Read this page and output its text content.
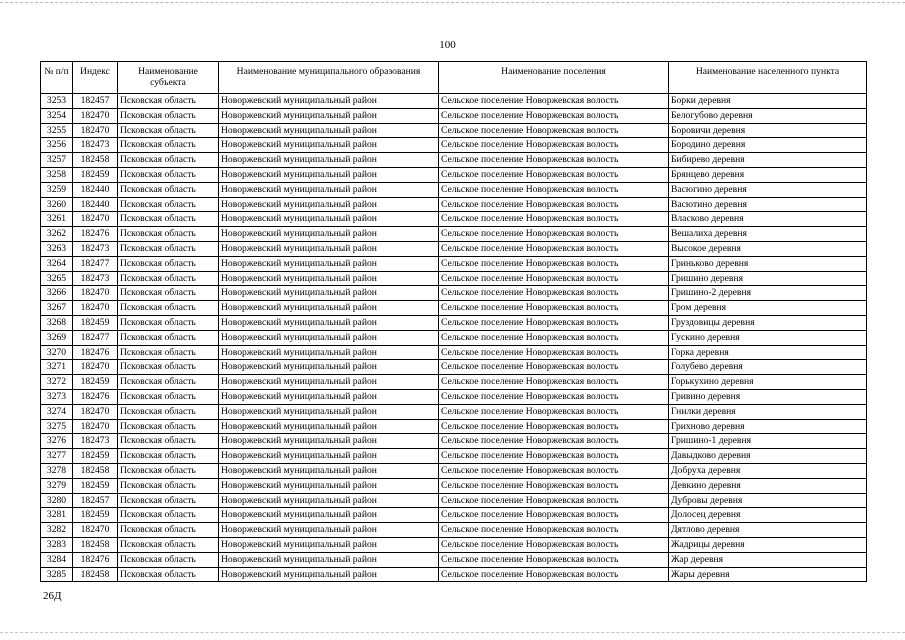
100
№ п/п	Индекс	Наименование субъекта	Наименование муниципального образования	Наименование поселения	Наименование населенного пункта
3253	182457	Псковская область	Новоржевский муниципальный район	Сельское поселение Новоржевская волость	Борки деревня
3254	182470	Псковская область	Новоржевский муниципальный район	Сельское поселение Новоржевская волость	Белогубово деревня
3255	182470	Псковская область	Новоржевский муниципальный район	Сельское поселение Новоржевская волость	Боровичи деревня
3256	182473	Псковская область	Новоржевский муниципальный район	Сельское поселение Новоржевская волость	Бородино деревня
3257	182458	Псковская область	Новоржевский муниципальный район	Сельское поселение Новоржевская волость	Бибирево деревня
3258	182459	Псковская область	Новоржевский муниципальный район	Сельское поселение Новоржевская волость	Брянцево деревня
3259	182440	Псковская область	Новоржевский муниципальный район	Сельское поселение Новоржевская волость	Васюгино деревня
3260	182440	Псковская область	Новоржевский муниципальный район	Сельское поселение Новоржевская волость	Васютино деревня
3261	182470	Псковская область	Новоржевский муниципальный район	Сельское поселение Новоржевская волость	Власково деревня
3262	182476	Псковская область	Новоржевский муниципальный район	Сельское поселение Новоржевская волость	Вешалиха деревня
3263	182473	Псковская область	Новоржевский муниципальный район	Сельское поселение Новоржевская волость	Высокое деревня
3264	182477	Псковская область	Новоржевский муниципальный район	Сельское поселение Новоржевская волость	Гриньково деревня
3265	182473	Псковская область	Новоржевский муниципальный район	Сельское поселение Новоржевская волость	Гришино деревня
3266	182470	Псковская область	Новоржевский муниципальный район	Сельское поселение Новоржевская волость	Гришино-2 деревня
3267	182470	Псковская область	Новоржевский муниципальный район	Сельское поселение Новоржевская волость	Гром деревня
3268	182459	Псковская область	Новоржевский муниципальный район	Сельское поселение Новоржевская волость	Груздовицы деревня
3269	182477	Псковская область	Новоржевский муниципальный район	Сельское поселение Новоржевская волость	Гускино деревня
3270	182476	Псковская область	Новоржевский муниципальный район	Сельское поселение Новоржевская волость	Горка деревня
3271	182470	Псковская область	Новоржевский муниципальный район	Сельское поселение Новоржевская волость	Голубево деревня
3272	182459	Псковская область	Новоржевский муниципальный район	Сельское поселение Новоржевская волость	Горькухино деревня
3273	182476	Псковская область	Новоржевский муниципальный район	Сельское поселение Новоржевская волость	Гривино деревня
3274	182470	Псковская область	Новоржевский муниципальный район	Сельское поселение Новоржевская волость	Гнилки деревня
3275	182470	Псковская область	Новоржевский муниципальный район	Сельское поселение Новоржевская волость	Грихново деревня
3276	182473	Псковская область	Новоржевский муниципальный район	Сельское поселение Новоржевская волость	Гришино-1 деревня
3277	182459	Псковская область	Новоржевский муниципальный район	Сельское поселение Новоржевская волость	Давыдково деревня
3278	182458	Псковская область	Новоржевский муниципальный район	Сельское поселение Новоржевская волость	Добруха деревня
3279	182459	Псковская область	Новоржевский муниципальный район	Сельское поселение Новоржевская волость	Девкино деревня
3280	182457	Псковская область	Новоржевский муниципальный район	Сельское поселение Новоржевская волость	Дубровы деревня
3281	182459	Псковская область	Новоржевский муниципальный район	Сельское поселение Новоржевская волость	Долосец деревня
3282	182470	Псковская область	Новоржевский муниципальный район	Сельское поселение Новоржевская волость	Дятлово деревня
3283	182458	Псковская область	Новоржевский муниципальный район	Сельское поселение Новоржевская волость	Жадрицы деревня
3284	182476	Псковская область	Новоржевский муниципальный район	Сельское поселение Новоржевская волость	Жар деревня
3285	182458	Псковская область	Новоржевский муниципальный район	Сельское поселение Новоржевская волость	Жары деревня
26Д
